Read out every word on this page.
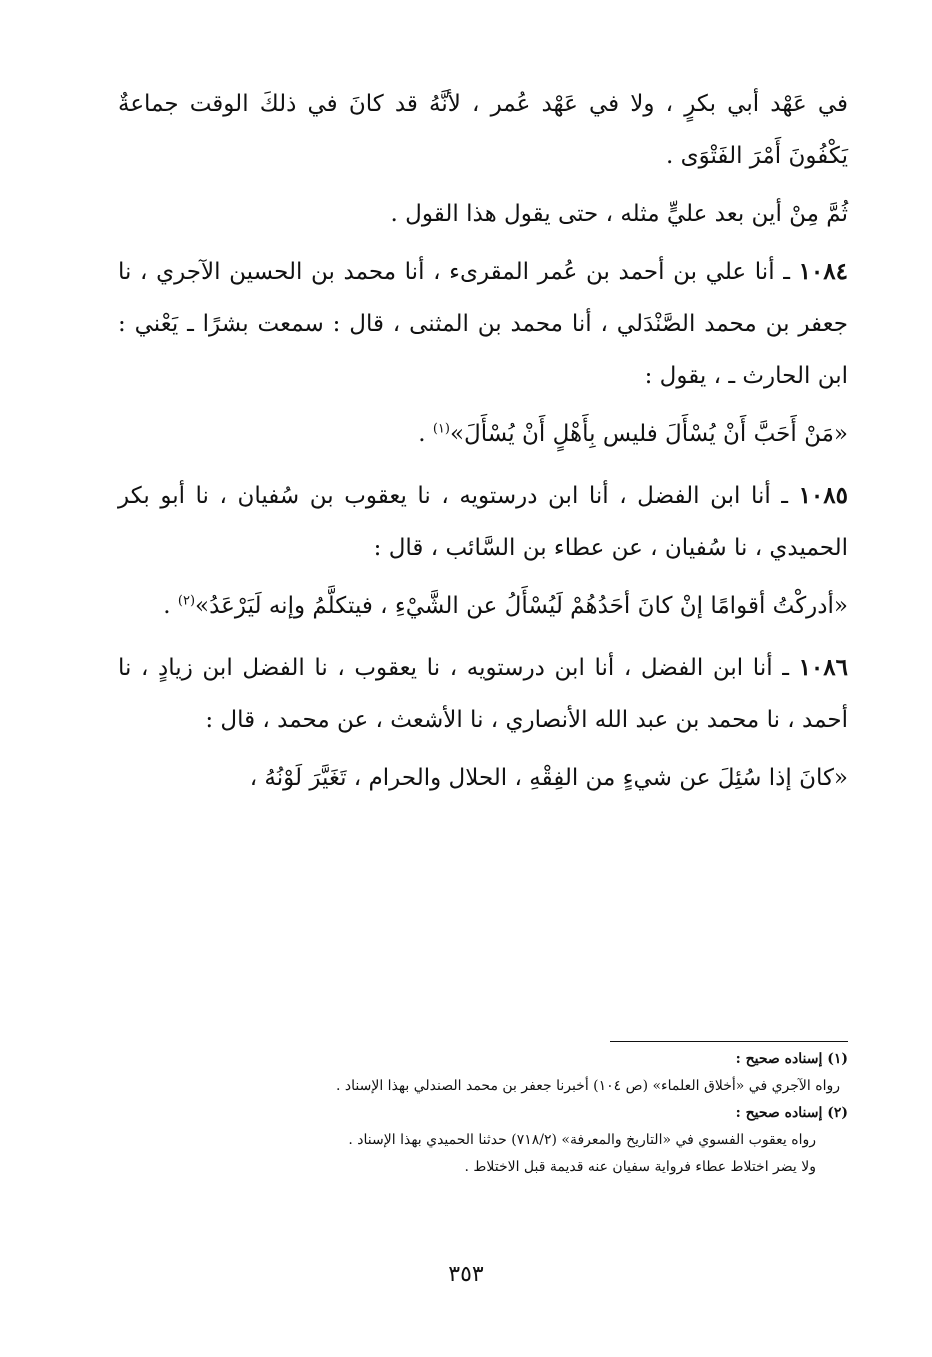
في عَهْد أبي بكرٍ ، ولا في عَهْد عُمر ، لأنَّهُ قد كانَ في ذلكَ الوقت جماعةٌ يَكْفُونَ أَمْرَ الفَتْوَى .

ثُمَّ مِنْ أين بعد عليٍّ مثله ، حتى يقول هذا القول .

١٠٨٤ ـ أنا علي بن أحمد بن عُمر المقرىء ، أنا محمد بن الحسين الآجري ، نا جعفر بن محمد الصَّنْدَلي ، أنا محمد بن المثنى ، قال : سمعت بشرًا ـ يَعْني : ابن الحارث ـ ، يقول :

«مَنْ أَحَبَّ أَنْ يُسْأَلَ فليس بِأَهْلٍ أَنْ يُسْأَلَ»$^{(١)}$ .

١٠٨٥ ـ أنا ابن الفضل ، أنا ابن درستويه ، نا يعقوب بن سُفيان ، نا أبو بكر الحميدي ، نا سُفيان ، عن عطاء بن السَّائب ، قال :

«أدركْتُ أقوامًا إنْ كانَ أحَدُهُمْ لَيُسْأَلُ عن الشَّيْءِ ، فيتكلَّمُ وإنه لَيَرْعَدُ»$^{(٢)}$ .

١٠٨٦ ـ أنا ابن الفضل ، أنا ابن درستويه ، نا يعقوب ، نا الفضل ابن زيادٍ ، نا أحمد ، نا محمد بن عبد الله الأنصاري ، نا الأشعث ، عن محمد ، قال :

«كانَ إذا سُئِلَ عن شيءٍ من الفِقْهِ ، الحلال والحرام ، تَغَيَّرَ لَوْنُهُ ،

(١) إسناده صحيح :
رواه الآجري في «أخلاق العلماء» (ص ١٠٤) أخبرنا جعفر بن محمد الصندلي بهذا الإسناد .
(٢) إسناده صحيح :
رواه يعقوب الفسوي في «التاريخ والمعرفة» (٧١٨/٢) حدثنا الحميدي بهذا الإسناد .
ولا يضر اختلاط عطاء فرواية سفيان عنه قديمة قبل الاختلاط .
٣٥٣
